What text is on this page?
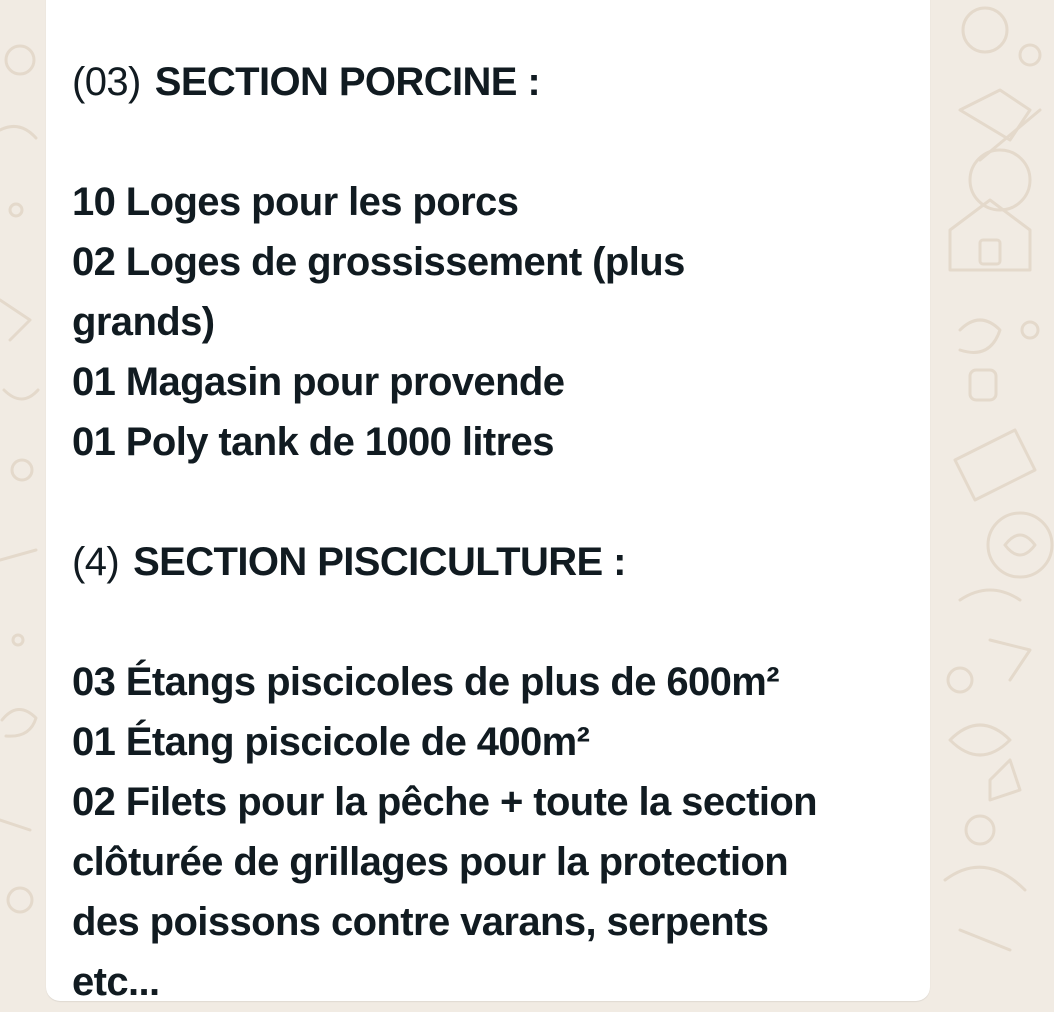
(03) SECTION PORCINE :
10 Loges pour les porcs
02 Loges de grossissement (plus
grands)
01 Magasin pour provende
01 Poly tank de 1000 litres
(4) SECTION PISCICULTURE :
03 Étangs piscicoles de plus de 600m²
01 Étang piscicole de 400m²
02 Filets pour la pêche + toute la section
clôturée de grillages pour la protection
des poissons contre varans, serpents
etc...
